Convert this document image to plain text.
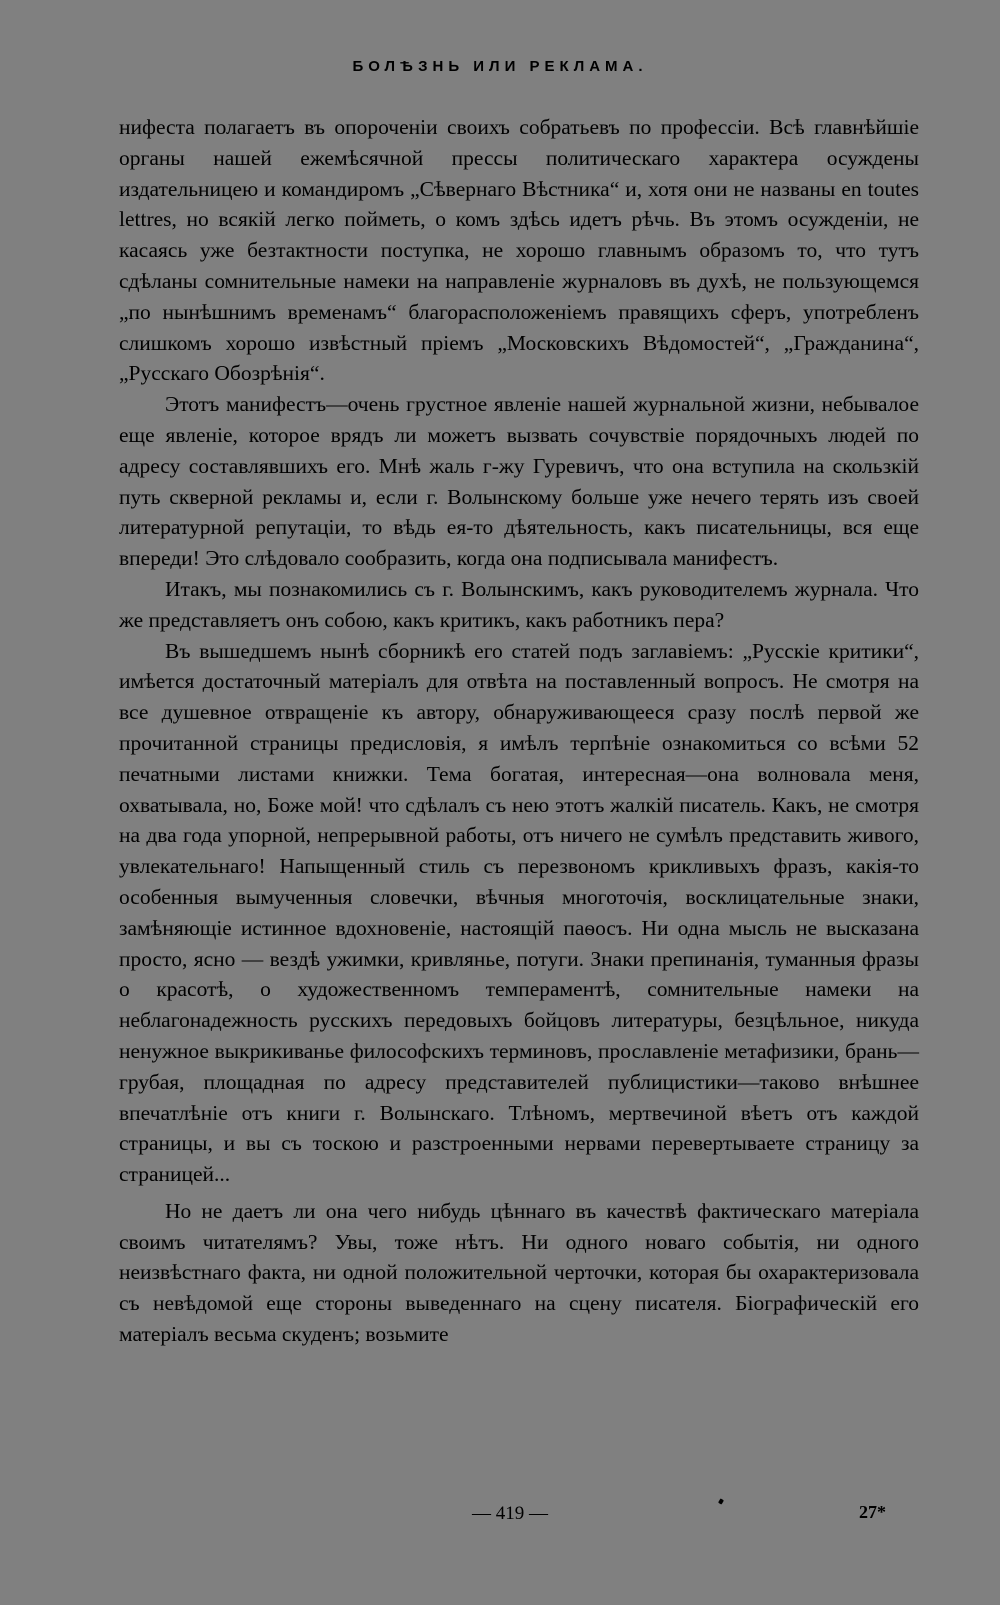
БОЛѢЗНЬ ИЛИ РЕКЛАМА.

нифеста полагаетъ въ опороченіи своихъ собратьевъ по профессіи. Всѣ главнѣйшіе органы нашей ежемѣсячной прессы политическаго характера осуждены издательницею и командиромъ „Сѣвернаго Вѣстника“ и, хотя они не названы en toutes lettres, но всякій легко пойметь, о комъ здѣсь идетъ рѣчь. Въ этомъ осужденіи, не касаясь уже безтактности поступка, не хорошо главнымъ образомъ то, что тутъ сдѣланы сомнительные намеки на направленіе журналовъ въ духѣ, не пользующемся „по нынѣшнимъ временамъ“ благорасположеніемъ правящихъ сферъ, употребленъ слишкомъ хорошо извѣстный пріемъ „Московскихъ Вѣдомостей“, „Гражданина“, „Русскаго Обозрѣнія“.

Этотъ манифестъ—очень грустное явленіе нашей журнальной жизни, небывалое еще явленіе, которое врядъ ли можетъ вызвать сочувствіе порядочныхъ людей по адресу составлявшихъ его. Мнѣ жаль г-жу Гуревичъ, что она вступила на скользкій путь скверной рекламы и, если г. Волынскому больше уже нечего терять изъ своей литературной репутаціи, то вѣдь ея-то дѣятельность, какъ писательницы, вся еще впереди! Это слѣдовало сообразить, когда она подписывала манифестъ.

Итакъ, мы познакомились съ г. Волынскимъ, какъ руководителемъ журнала. Что же представляетъ онъ собою, какъ критикъ, какъ работникъ пера?

Въ вышедшемъ нынѣ сборникѣ его статей подъ заглавіемъ: „Русскіе критики“, имѣется достаточный матеріалъ для отвѣта на поставленный вопросъ. Не смотря на все душевное отвращеніе къ автору, обнаруживающееся сразу послѣ первой же прочитанной страницы предисловія, я имѣлъ терпѣніе ознакомиться со всѣми 52 печатными листами книжки. Тема богатая, интересная—она волновала меня, охватывала, но, Боже мой! что сдѣлалъ съ нею этотъ жалкій писатель. Какъ, не смотря на два года упорной, непрерывной работы, отъ ничего не сумѣлъ представить живого, увлекательнаго! Напыщенный стиль съ перезвономъ крикливыхъ фразъ, какія-то особенныя вымученныя словечки, вѣчныя многоточія, восклицательные знаки, замѣняющіе истинное вдохновеніе, настоящій паѳосъ. Ни одна мысль не высказана просто, ясно — вездѣ ужимки, кривлянье, потуги. Знаки препинанія, туманныя фразы о красотѣ, о художественномъ темпераментѣ, сомнительные намеки на неблагонадежность русскихъ передовыхъ бойцовъ литературы, безцѣльное, никуда ненужное выкрикиванье философскихъ терминовъ, прославленіе метафизики, брань—грубая, площадная по адресу представителей публицистики—таково внѣшнее впечатлѣніе отъ книги г. Волынскаго. Тлѣномъ, мертвечиной вѣетъ отъ каждой страницы, и вы съ тоскою и разстроенными нервами перевертываете страницу за страницей...

Но не даетъ ли она чего нибудь цѣннаго въ качествѣ фактическаго матеріала своимъ читателямъ? Увы, тоже нѣтъ. Ни одного новаго событія, ни одного неизвѣстнаго факта, ни одной положительной черточки, которая бы охарактеризовала съ невѣдомой еще стороны выведеннаго на сцену писателя. Біографическій его матеріалъ весьма скуденъ; возьмите

— 419 —	27*
